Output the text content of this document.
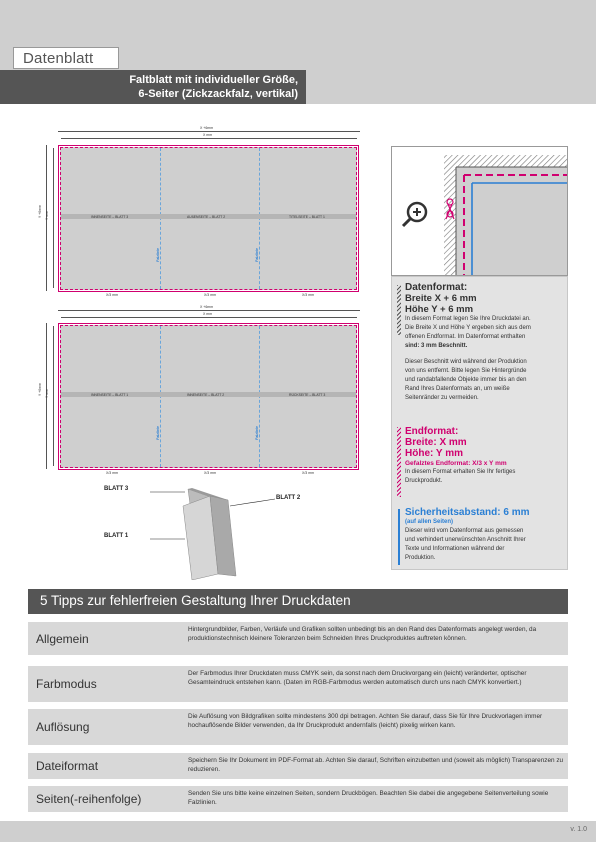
Datenblatt
Faltblatt mit individueller Größe,
6-Seiter (Zickzackfalz, vertikal)
X +6mm
X mm
Y +6mm Y mm	INNENSEITE – BLATT 3	AUßENSEITE – BLATT 2	TITELSEITE – BLATT 1
Falzlinie	Falzlinie
X/3 mm	X/3 mm	X/3 mm
X +6mm
X mm
Y +6mm Y mm	INNENSEITE – BLATT 1	INNENSEITE – BLATT 2	RÜCKSEITE – BLATT 3
Falzlinie	Falzlinie
X/3 mm	X/3 mm	X/3 mm
BLATT 3
BLATT 2
BLATT 1
Datenformat:
Breite X + 6 mm
Höhe Y + 6 mm
In diesem Format legen Sie Ihre Druckdatei an.
Die Breite X und Höhe Y ergeben sich aus dem
offenen Endformat. Im Datenformat enthalten
sind: 3 mm Beschnitt.
Dieser Beschnitt wird während der Produktion
von uns entfernt. Bitte legen Sie Hintergründe
und randabfallende Objekte immer bis an den
Rand Ihres Datenformats an, um weiße
Seitenränder zu vermeiden.
Endformat:
Breite: X mm
Höhe: Y mm
Gefalztes Endformat: X/3 x Y mm
In diesem Format erhalten Sie Ihr fertiges
Druckprodukt.
Sicherheitsabstand: 6 mm
(auf allen Seiten)
Dieser wird vom Datenformat aus gemessen
und verhindert unerwünschten Anschnitt Ihrer
Texte und Informationen während der
Produktion.
5 Tipps zur fehlerfreien Gestaltung Ihrer Druckdaten
Allgemein
Hintergrundbilder, Farben, Verläufe und Grafiken sollten unbedingt bis an den Rand des Datenformats angelegt werden, da produktionstechnisch kleinere Toleranzen beim Schneiden Ihres Druckproduktes auftreten können.
Farbmodus
Der Farbmodus Ihrer Druckdaten muss CMYK sein, da sonst nach dem Druckvorgang ein (leicht) veränderter, optischer Gesamteindruck entstehen kann. (Daten im RGB-Farbmodus werden automatisch durch uns nach CMYK konvertiert.)
Auflösung
Die Auflösung von Bildgrafiken sollte mindestens 300 dpi betragen. Achten Sie darauf, dass Sie für Ihre Druckvorlagen immer hochauflösende Bilder verwenden, da Ihr Druckprodukt andernfalls (leicht) pixelig wirken kann.
Dateiformat	Speichern Sie Ihr Dokument im PDF-Format ab. Achten Sie darauf, Schriften einzubetten und (soweit als möglich) Transparenzen zu reduzieren.
Seiten(-reihenfolge)	Senden Sie uns bitte keine einzelnen Seiten, sondern Druckbögen. Beachten Sie dabei die angegebene Seitenverteilung sowie Falzlinien.
v. 1.0
